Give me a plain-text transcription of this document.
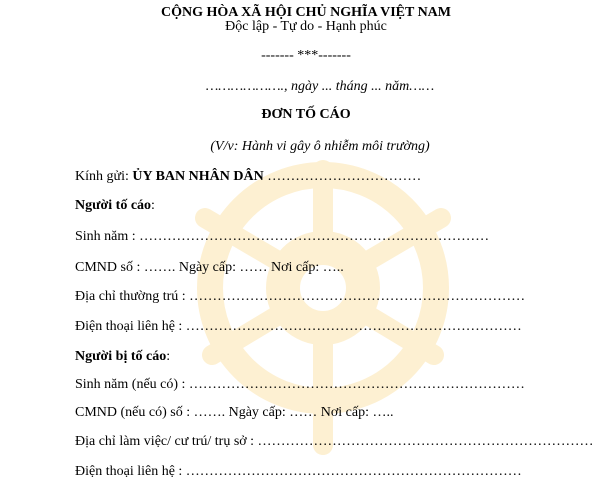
CỘNG HÒA XÃ HỘI CHỦ NGHĨA VIỆT NAM
Độc lập - Tự do - Hạnh phúc
------- ***-------
………………., ngày ... tháng ... năm……
ĐƠN TỐ CÁO
(V/v: Hành vi gây ô nhiễm môi trường)
Kính gửi: ỦY BAN NHÂN DÂN ……………………………
Người tố cáo:
Sinh năm : …………………………………………………………………
CMND số : ……. Ngày cấp: …… Nơi cấp: …..
Địa chỉ thường trú : ………………………………………………………………
Điện thoại liên hệ : ………………………………………………………………
Người bị tố cáo:
Sinh năm (nếu có) : ………………………………………………………………
CMND (nếu có) số : ……. Ngày cấp: …… Nơi cấp: …..
Địa chỉ làm việc/ cư trú/ trụ sở : ………………………………………………………………
Điện thoại liên hệ : ………………………………………………………………
